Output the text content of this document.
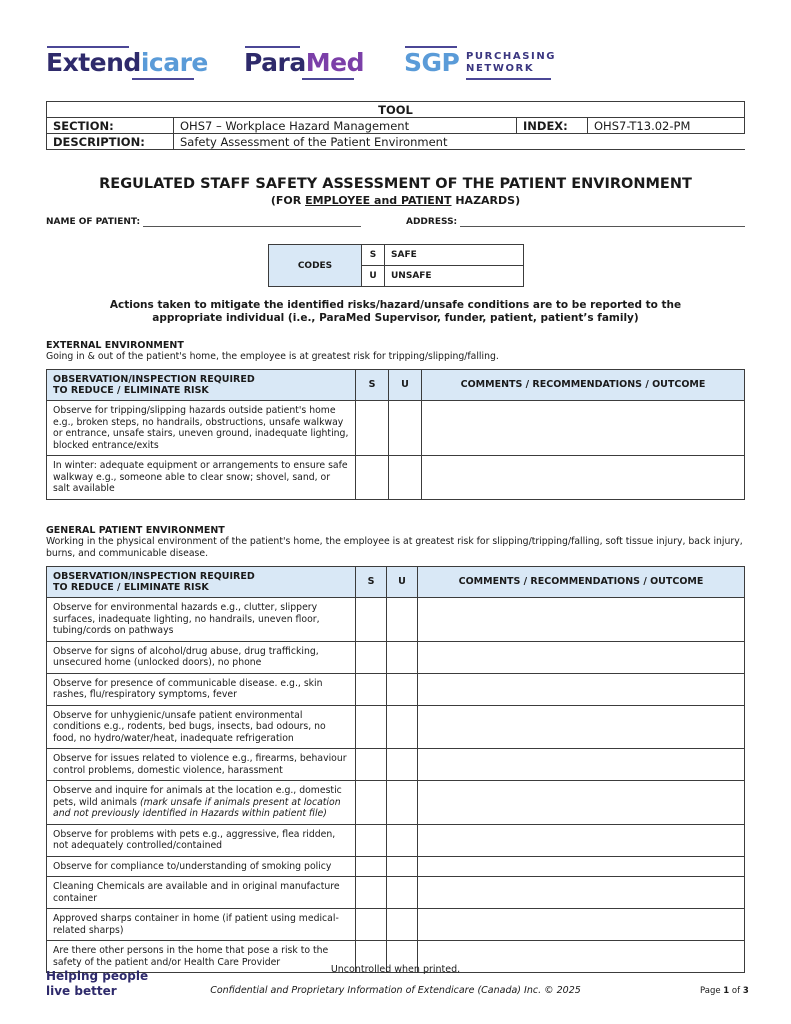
Extendicare ParaMed SGP PURCHASING
NETWORK
TOOL			
SECTION:	OHS7 – Workplace Hazard Management	INDEX:	OHS7-T13.02-PM
DESCRIPTION:	Safety Assessment of the Patient Environment		
REGULATED STAFF SAFETY ASSESSMENT OF THE PATIENT ENVIRONMENT
(FOR EMPLOYEE and PATIENT HAZARDS)
NAME OF PATIENT:	ADDRESS:
CODES	S	SAFE
	U	UNSAFE
Actions taken to mitigate the identified risks/hazard/unsafe conditions are to be reported to the
appropriate individual (i.e., ParaMed Supervisor, funder, patient, patient’s family)
EXTERNAL ENVIRONMENT
Going in & out of the patient's home, the employee is at greatest risk for tripping/slipping/falling.
OBSERVATION/INSPECTION REQUIRED
TO REDUCE / ELIMINATE RISK	S	U	COMMENTS / RECOMMENDATIONS / OUTCOME
Observe for tripping/slipping hazards outside patient's home e.g., broken steps, no handrails, obstructions, unsafe walkway or entrance, unsafe stairs, uneven ground, inadequate lighting, blocked entrance/exits			
In winter: adequate equipment or arrangements to ensure safe walkway e.g., someone able to clear snow; shovel, sand, or salt available			
GENERAL PATIENT ENVIRONMENT
Working in the physical environment of the patient's home, the employee is at greatest risk for slipping/tripping/falling, soft tissue injury, back injury, burns, and communicable disease.
OBSERVATION/INSPECTION REQUIRED
TO REDUCE / ELIMINATE RISK	S	U	COMMENTS / RECOMMENDATIONS / OUTCOME
Observe for environmental hazards e.g., clutter, slippery surfaces, inadequate lighting, no handrails, uneven floor, tubing/cords on pathways			
Observe for signs of alcohol/drug abuse, drug trafficking, unsecured home (unlocked doors), no phone			
Observe for presence of communicable disease. e.g., skin rashes, flu/respiratory symptoms, fever			
Observe for unhygienic/unsafe patient environmental conditions e.g., rodents, bed bugs, insects, bad odours, no food, no hydro/water/heat, inadequate refrigeration			
Observe for issues related to violence e.g., firearms, behaviour control problems, domestic violence, harassment			
Observe and inquire for animals at the location e.g., domestic pets, wild animals (mark unsafe if animals present at location and not previously identified in Hazards within patient file)			
Observe for problems with pets e.g., aggressive, flea ridden, not adequately controlled/contained			
Observe for compliance to/understanding of smoking policy			
Cleaning Chemicals are available and in original manufacture container			
Approved sharps container in home (if patient using medical-related sharps)			
Are there other persons in the home that pose a risk to the safety of the patient and/or Health Care Provider			
Helping people
live better
Uncontrolled when printed.
Confidential and Proprietary Information of Extendicare (Canada) Inc. © 2025	Page 1 of 3
